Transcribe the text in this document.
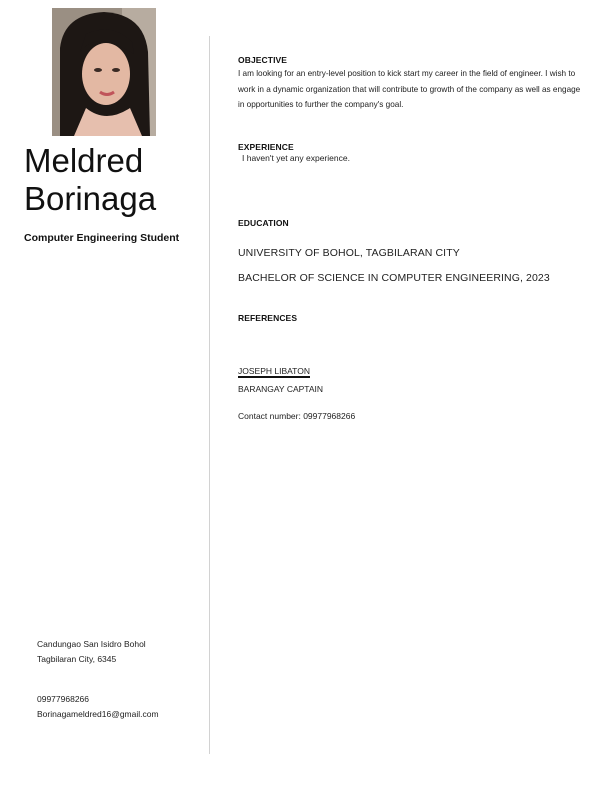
Meldred
Borinaga
Computer Engineering Student
Candungao San Isidro Bohol
Tagbilaran City, 6345
09977968266
Borinagameldred16@gmail.com
OBJECTIVE
I am looking for an entry-level position to kick start my career in the field of engineer. I wish to work in a dynamic organization that will contribute to growth of the company as well as engage in opportunities to further the company's goal.
EXPERIENCE
I haven't yet any experience.
EDUCATION
UNIVERSITY OF BOHOL, TAGBILARAN CITY
BACHELOR OF SCIENCE IN COMPUTER ENGINEERING, 2023
REFERENCES
JOSEPH LIBATON
BARANGAY CAPTAIN
Contact number: 09977968266
